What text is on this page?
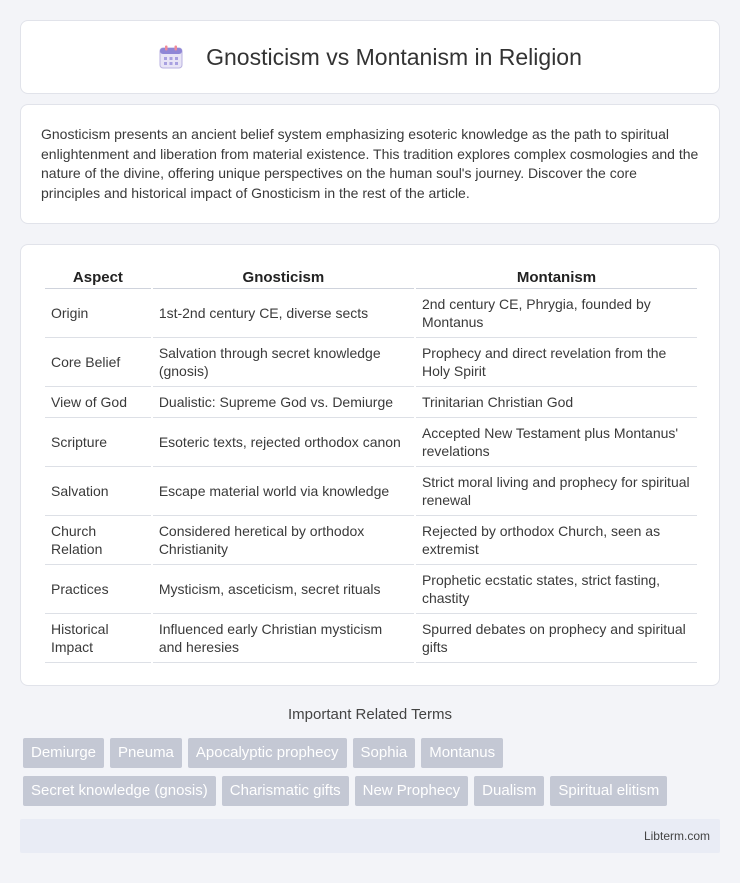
Gnosticism vs Montanism in Religion

Gnosticism presents an ancient belief system emphasizing esoteric knowledge as the path to spiritual enlightenment and liberation from material existence. This tradition explores complex cosmologies and the nature of the divine, offering unique perspectives on the human soul's journey. Discover the core principles and historical impact of Gnosticism in the rest of the article.

Aspect	Gnosticism	Montanism
Origin	1st-2nd century CE, diverse sects	2nd century CE, Phrygia, founded by Montanus
Core Belief	Salvation through secret knowledge (gnosis)	Prophecy and direct revelation from the Holy Spirit
View of God	Dualistic: Supreme God vs. Demiurge	Trinitarian Christian God
Scripture	Esoteric texts, rejected orthodox canon	Accepted New Testament plus Montanus' revelations
Salvation	Escape material world via knowledge	Strict moral living and prophecy for spiritual renewal
Church Relation	Considered heretical by orthodox Christianity	Rejected by orthodox Church, seen as extremist
Practices	Mysticism, asceticism, secret rituals	Prophetic ecstatic states, strict fasting, chastity
Historical Impact	Influenced early Christian mysticism and heresies	Spurred debates on prophecy and spiritual gifts
Important Related Terms
Demiurge	Pneuma	Apocalyptic prophecy	Sophia	Montanus
Secret knowledge (gnosis)	Charismatic gifts	New Prophecy	Dualism	Spiritual elitism
Libterm.com
